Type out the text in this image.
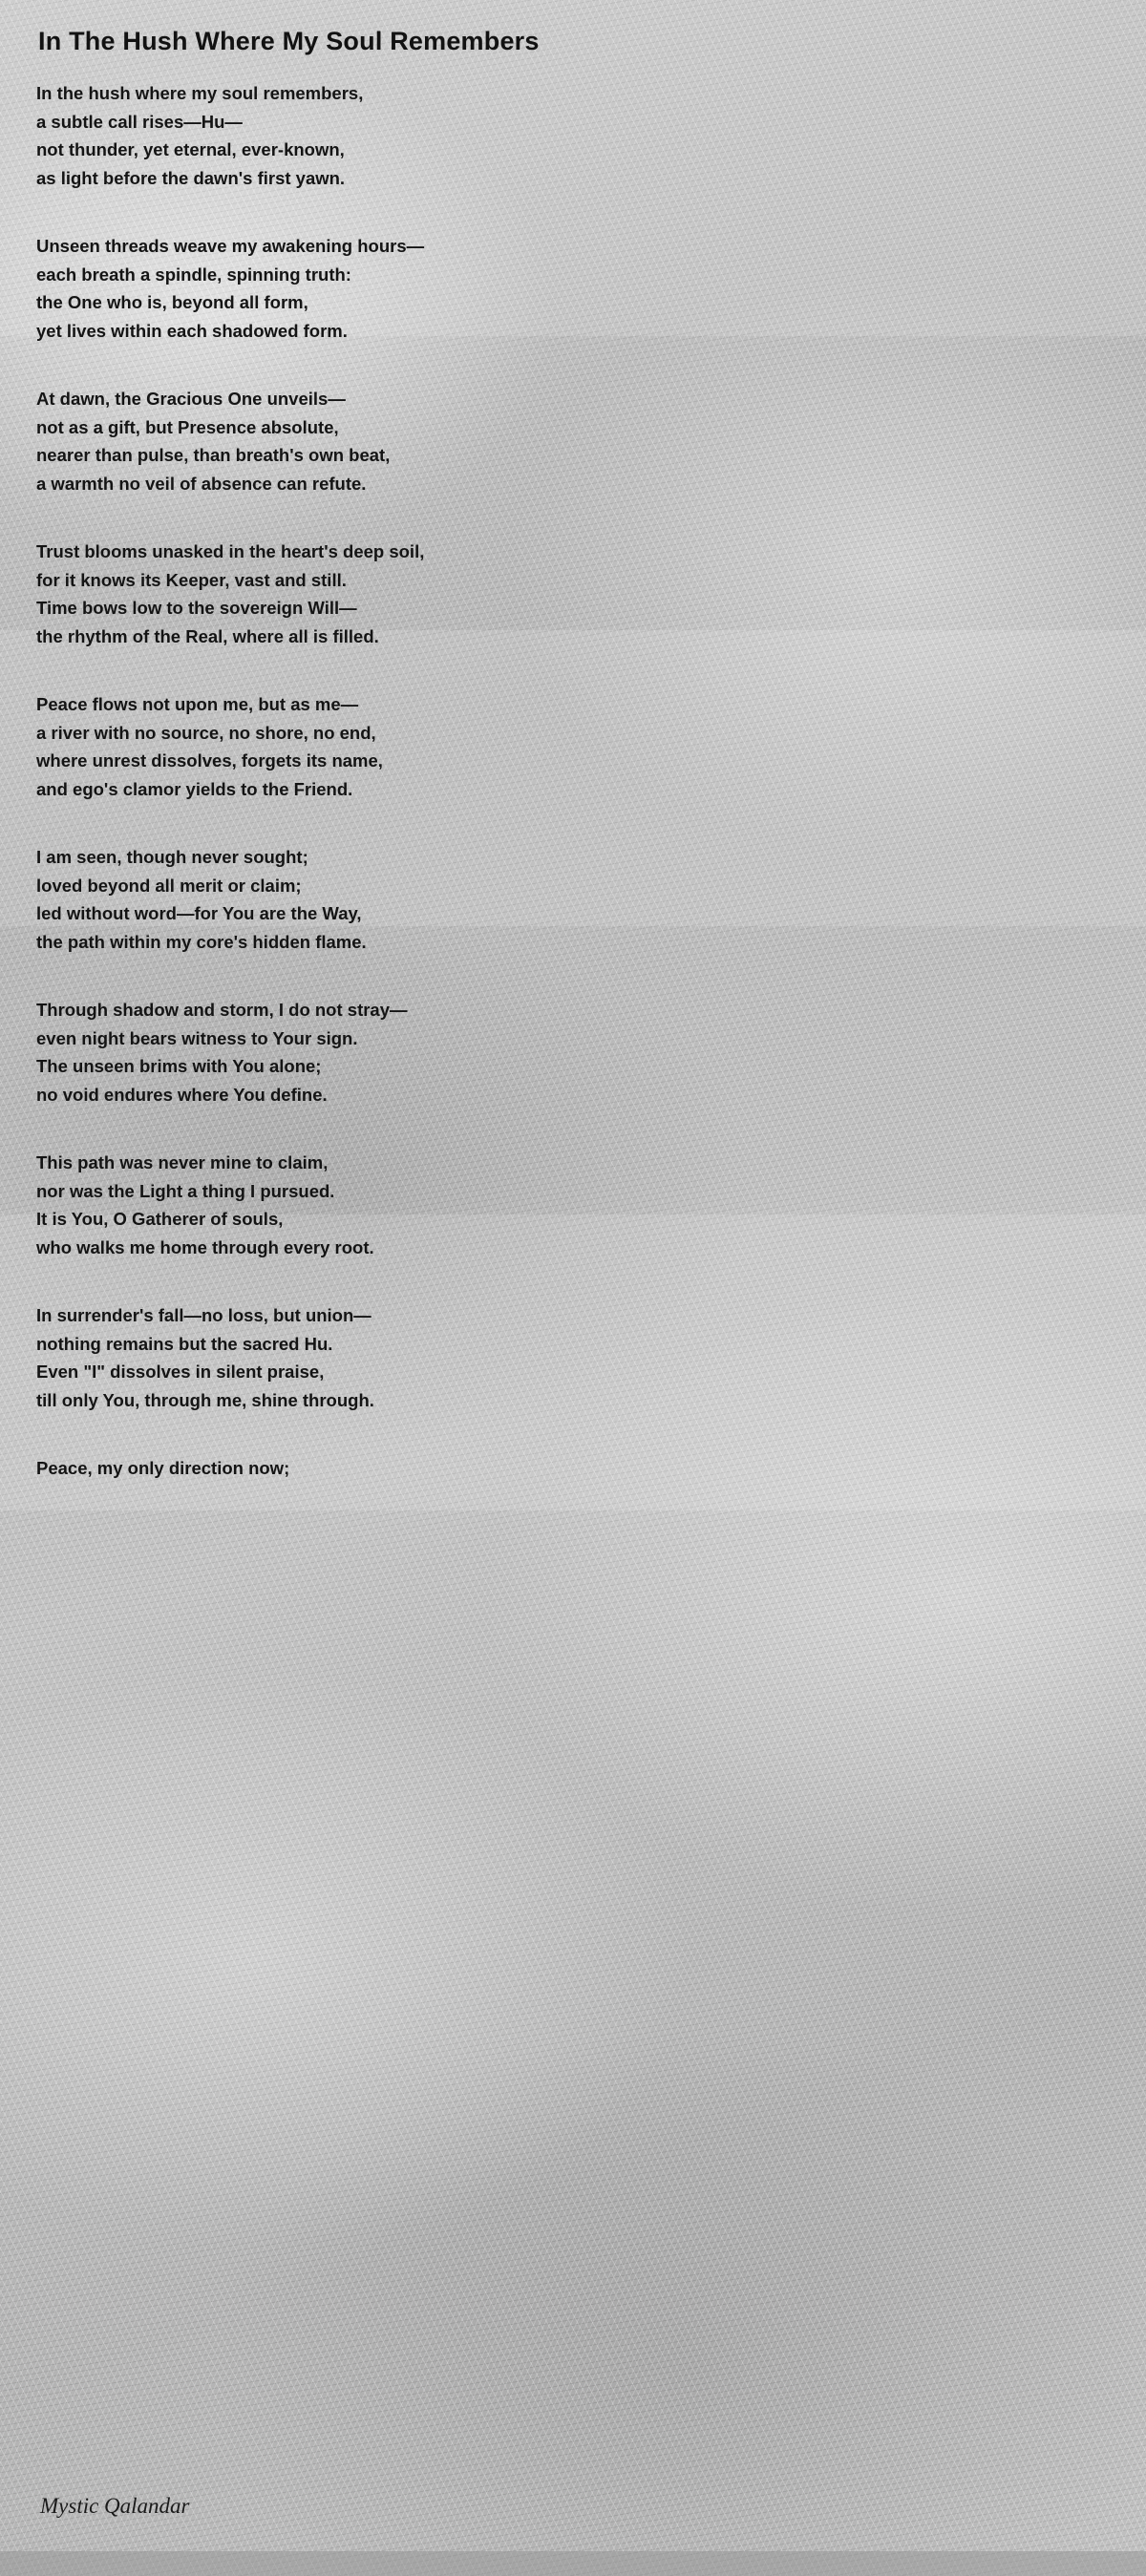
In The Hush Where My Soul Remembers
In the hush where my soul remembers,
a subtle call rises—Hu—
not thunder, yet eternal, ever-known,
as light before the dawn's first yawn.
Unseen threads weave my awakening hours—
each breath a spindle, spinning truth:
the One who is, beyond all form,
yet lives within each shadowed form.
At dawn, the Gracious One unveils—
not as a gift, but Presence absolute,
nearer than pulse, than breath's own beat,
a warmth no veil of absence can refute.
Trust blooms unasked in the heart's deep soil,
for it knows its Keeper, vast and still.
Time bows low to the sovereign Will—
the rhythm of the Real, where all is filled.
Peace flows not upon me, but as me—
a river with no source, no shore, no end,
where unrest dissolves, forgets its name,
and ego's clamor yields to the Friend.
I am seen, though never sought;
loved beyond all merit or claim;
led without word—for You are the Way,
the path within my core's hidden flame.
Through shadow and storm, I do not stray—
even night bears witness to Your sign.
The unseen brims with You alone;
no void endures where You define.
This path was never mine to claim,
nor was the Light a thing I pursued.
It is You, O Gatherer of souls,
who walks me home through every root.
In surrender's fall—no loss, but union—
nothing remains but the sacred Hu.
Even "I" dissolves in silent praise,
till only You, through me, shine through.
Peace, my only direction now;
Mystic Qalandar
